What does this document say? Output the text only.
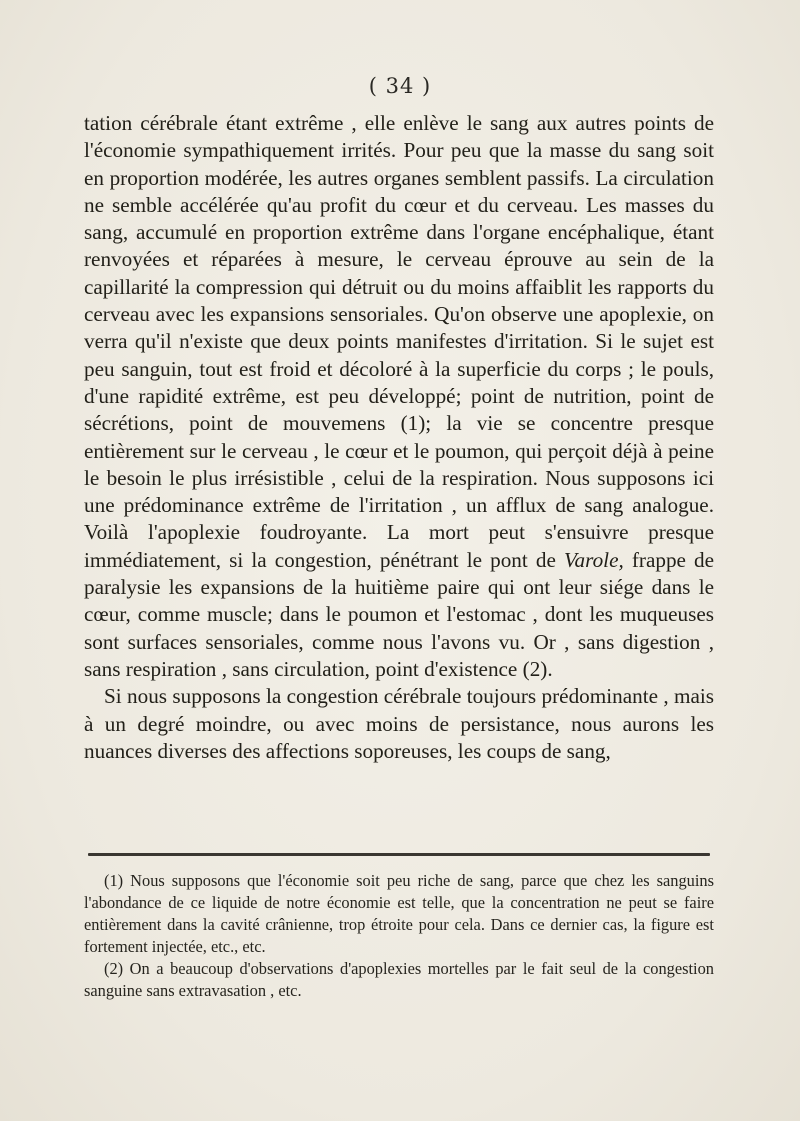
( 34 )

tation cérébrale étant extrême , elle enlève le sang aux autres points de l'économie sympathiquement irrités. Pour peu que la masse du sang soit en proportion modérée, les autres organes semblent passifs. La circulation ne semble accélérée qu'au profit du cœur et du cerveau. Les masses du sang, accumulé en proportion extrême dans l'organe encéphalique, étant renvoyées et réparées à mesure, le cerveau éprouve au sein de la capillarité la compression qui détruit ou du moins affaiblit les rapports du cerveau avec les expansions sensoriales. Qu'on observe une apoplexie, on verra qu'il n'existe que deux points manifestes d'irritation. Si le sujet est peu sanguin, tout est froid et décoloré à la superficie du corps ; le pouls, d'une rapidité extrême, est peu développé; point de nutrition, point de sécrétions, point de mouvemens (1); la vie se concentre presque entièrement sur le cerveau , le cœur et le poumon, qui perçoit déjà à peine le besoin le plus irrésistible , celui de la respiration. Nous supposons ici une prédominance extrême de l'irritation , un afflux de sang analogue. Voilà l'apoplexie foudroyante. La mort peut s'ensuivre presque immédiatement, si la congestion, pénétrant le pont de Varole, frappe de paralysie les expansions de la huitième paire qui ont leur siége dans le cœur, comme muscle; dans le poumon et l'estomac , dont les muqueuses sont surfaces sensoriales, comme nous l'avons vu. Or , sans digestion , sans respiration , sans circulation, point d'existence (2).

Si nous supposons la congestion cérébrale toujours prédominante , mais à un degré moindre, ou avec moins de persistance, nous aurons les nuances diverses des affections soporeuses, les coups de sang,

(1) Nous supposons que l'économie soit peu riche de sang, parce que chez les sanguins l'abondance de ce liquide de notre économie est telle, que la concentration ne peut se faire entièrement dans la cavité crânienne, trop étroite pour cela. Dans ce dernier cas, la figure est fortement injectée, etc., etc.

(2) On a beaucoup d'observations d'apoplexies mortelles par le fait seul de la congestion sanguine sans extravasation , etc.
